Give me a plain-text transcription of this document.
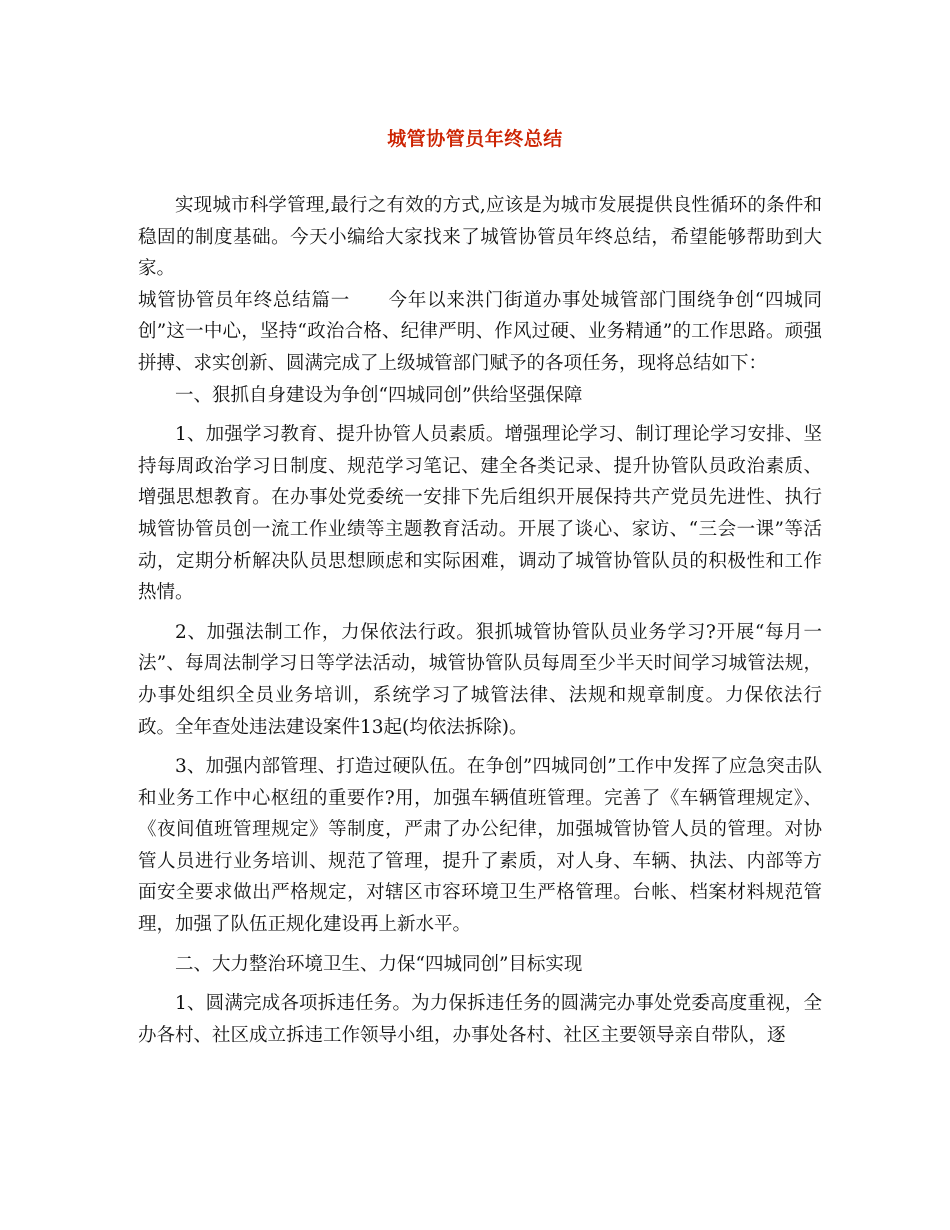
城管协管员年终总结

实现城市科学管理,最行之有效的方式,应该是为城市发展提供良性循环的条件和稳固的制度基础。今天小编给大家找来了城管协管员年终总结，希望能够帮助到大家。

城管协管员年终总结篇一　　今年以来洪门街道办事处城管部门围绕争创“四城同创”这一中心，坚持“政治合格、纪律严明、作风过硬、业务精通”的工作思路。顽强拼搏、求实创新、圆满完成了上级城管部门赋予的各项任务，现将总结如下：

一、狠抓自身建设为争创“四城同创”供给坚强保障

1、加强学习教育、提升协管人员素质。增强理论学习、制订理论学习安排、坚持每周政治学习日制度、规范学习笔记、建全各类记录、提升协管队员政治素质、增强思想教育。在办事处党委统一安排下先后组织开展保持共产党员先进性、执行城管协管员创一流工作业绩等主题教育活动。开展了谈心、家访、“三会一课”等活动，定期分析解决队员思想顾虑和实际困难，调动了城管协管队员的积极性和工作热情。

2、加强法制工作，力保依法行政。狠抓城管协管队员业务学习?开展“每月一法”、每周法制学习日等学法活动，城管协管队员每周至少半天时间学习城管法规，办事处组织全员业务培训，系统学习了城管法律、法规和规章制度。力保依法行政。全年查处违法建设案件13起(均依法拆除)。

3、加强内部管理、打造过硬队伍。在争创”四城同创”工作中发挥了应急突击队和业务工作中心枢纽的重要作?用，加强车辆值班管理。完善了《车辆管理规定》、《夜间值班管理规定》等制度，严肃了办公纪律，加强城管协管人员的管理。对协管人员进行业务培训、规范了管理，提升了素质，对人身、车辆、执法、内部等方面安全要求做出严格规定，对辖区市容环境卫生严格管理。台帐、档案材料规范管理，加强了队伍正规化建设再上新水平。

二、大力整治环境卫生、力保“四城同创”目标实现

1、圆满完成各项拆违任务。为力保拆违任务的圆满完办事处党委高度重视，全办各村、社区成立拆违工作领导小组，办事处各村、社区主要领导亲自带队，逐
